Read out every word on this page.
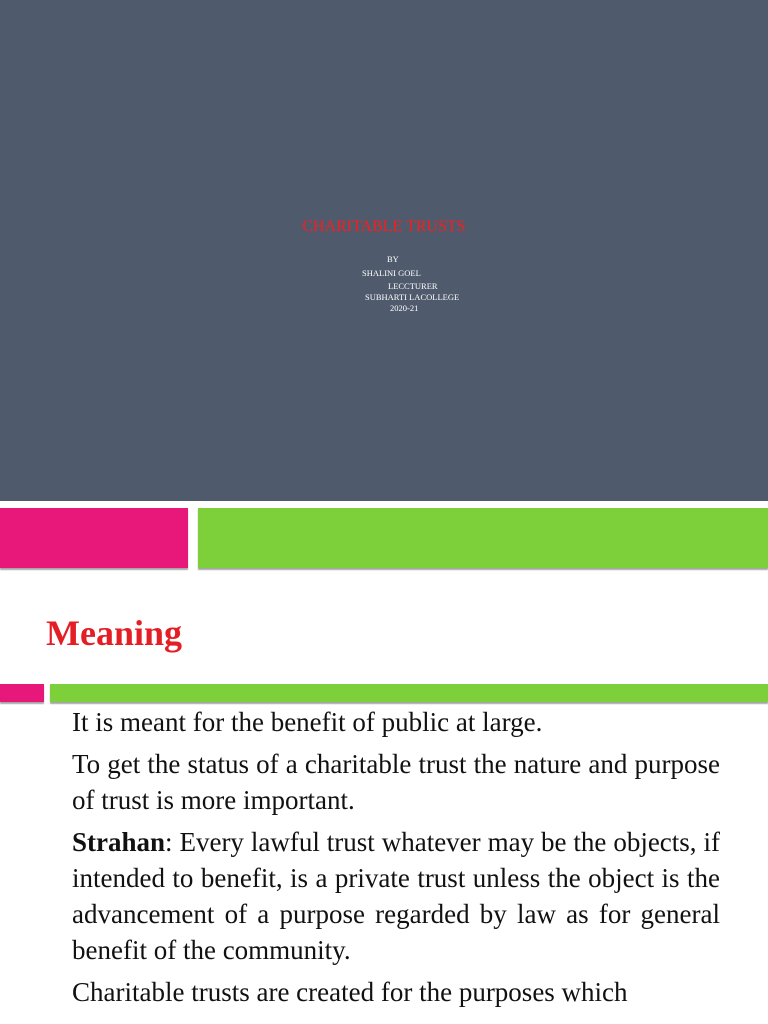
CHARITABLE TRUSTS
BY
SHALINI GOEL
LECCTURER
SUBHARTI LACOLLEGE
2020-21
Meaning

It is meant for the benefit of public at large.

To get the status of a charitable trust the nature and purpose of trust is more important.

Strahan: Every lawful trust whatever may be the objects, if intended to benefit, is a private trust unless the object is the advancement of a purpose regarded by law as for general benefit of the community.

Charitable trusts are created for the purposes which
